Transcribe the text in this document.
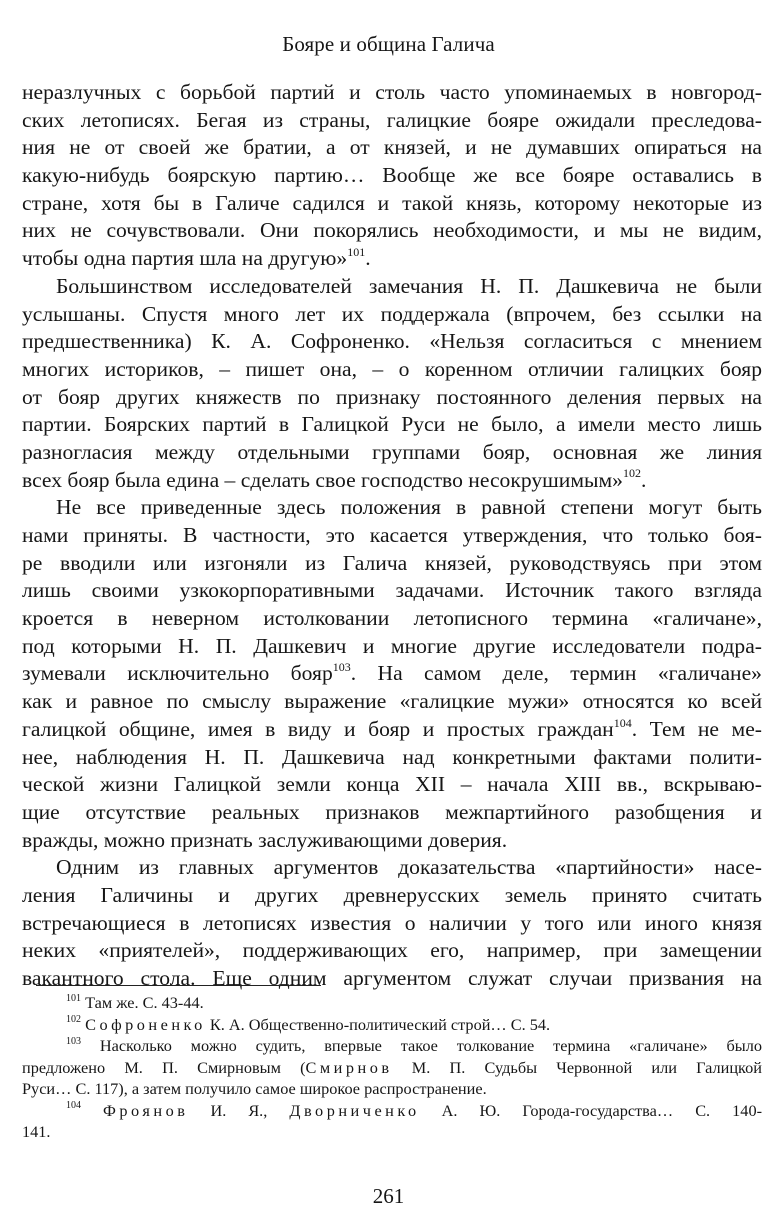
Бояре и община Галича
неразлучных с борьбой партий и столь часто упоминаемых в новгород-
ских летописях. Бегая из страны, галицкие бояре ожидали преследова-
ния не от своей же братии, а от князей, и не думавших опираться на
какую-нибудь боярскую партию… Вообще же все бояре оставались в
стране, хотя бы в Галиче садился и такой князь, которому некоторые из
них не сочувствовали. Они покорялись необходимости, и мы не видим,
чтобы одна партия шла на другую»$^{101}$.
Большинством исследователей замечания Н. П. Дашкевича не были
услышаны. Спустя много лет их поддержала (впрочем, без ссылки на
предшественника) К. А. Софроненко. «Нельзя согласиться с мнением
многих историков, – пишет она, – о коренном отличии галицких бояр
от бояр других княжеств по признаку постоянного деления первых на
партии. Боярских партий в Галицкой Руси не было, а имели место лишь
разногласия между отдельными группами бояр, основная же линия
всех бояр была едина – сделать свое господство несокрушимым»$^{102}$.
Не все приведенные здесь положения в равной степени могут быть
нами приняты. В частности, это касается утверждения, что только боя-
ре вводили или изгоняли из Галича князей, руководствуясь при этом
лишь своими узкокорпоративными задачами. Источник такого взгляда
кроется в неверном истолковании летописного термина «галичане»,
под которыми Н. П. Дашкевич и многие другие исследователи подра-
зумевали исключительно бояр$^{103}$. На самом деле, термин «галичане»
как и равное по смыслу выражение «галицкие мужи» относятся ко всей
галицкой общине, имея в виду и бояр и простых граждан$^{104}$. Тем не ме-
нее, наблюдения Н. П. Дашкевича над конкретными фактами полити-
ческой жизни Галицкой земли конца XII – начала XIII вв., вскрываю-
щие отсутствие реальных признаков межпартийного разобщения и
вражды, можно признать заслуживающими доверия.
Одним из главных аргументов доказательства «партийности» насе-
ления Галичины и других древнерусских земель принято считать
встречающиеся в летописях известия о наличии у того или иного князя
неких «приятелей», поддерживающих его, например, при замещении
вакантного стола. Еще одним аргументом служат случаи призвания на
$^{101}$ Там же. С. 43-44.
$^{102}$ Софроненко К. А. Общественно-политический строй… С. 54.
$^{103}$ Насколько можно судить, впервые такое толкование термина «галичане» было
предложено М. П. Смирновым (Смирнов М. П. Судьбы Червонной или Галицкой
Руси… С. 117), а затем получило самое широкое распространение.
$^{104}$ Фроянов И. Я., Дворниченко А. Ю. Города-государства… С. 140-
141.
261
